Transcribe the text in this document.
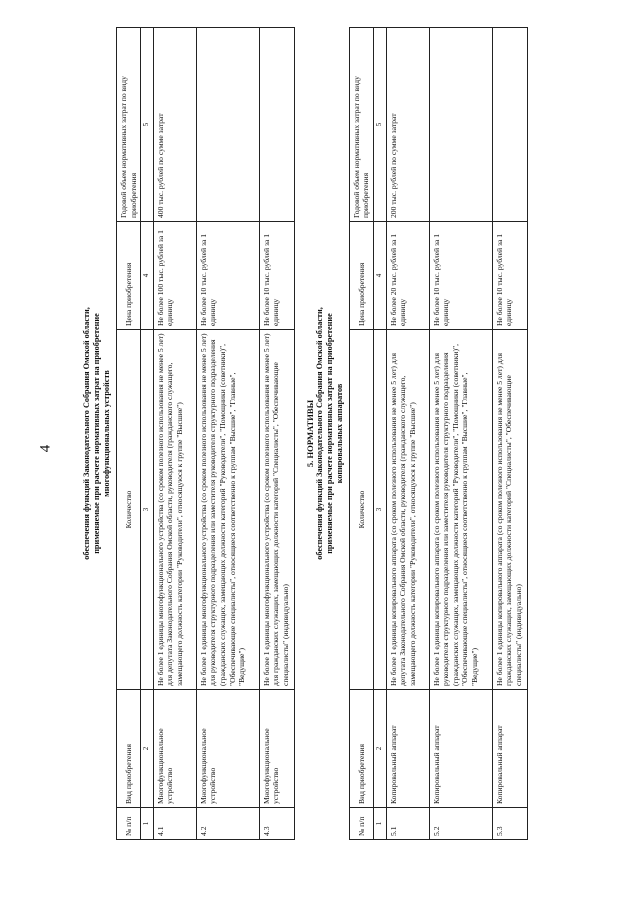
4	обеспечения функций Законодательного Собрания Омской области,
применяемые при расчете нормативных затрат на приобретение
многофункциональных устройств
№ п/п	Вид приобретения	Количество	Цена приобретения	Годовой объем нормативных затрат по виду приобретения
1	2	3	4	5
4.1	Многофункциональное устройство	Не более 1 единицы многофункционального устройства (со сроком полезного использования не менее 5 лет) для депутата Законодательного Собрания Омской области, руководителя (гражданского служащего, замещающего должность категории "Руководители", относящуюся к группе "Высшие")	Не более 100 тыс. рублей за 1 единицу	400 тыс. рублей по сумме затрат
4.2	Многофункциональное устройство	Не более 1 единицы многофункционального устройства (со сроком полезного использования не менее 5 лет) для руководителя структурного подразделения или заместителя руководителя структурного подразделения (гражданских служащих, замещающих должности категорий "Руководители", "Помощники (советники)", "Обеспечивающие специалисты", относящиеся соответственно к группам "Высшие", "Главные", "Ведущие")	Не более 10 тыс. рублей за 1 единицу	
4.3	Многофункциональное устройство	Не более 1 единицы многофункционального устройства (со сроком полезного использования не менее 5 лет) для гражданских служащих, замещающих должности категорий "Специалисты", "Обеспечивающие специалисты" (индивидуально)	Не более 10 тыс. рублей за 1 единицу	
5. НОРМАТИВЫ обеспечения функций Законодательного Собрания Омской области,
применяемые при расчете нормативных затрат на приобретение
копировальных аппаратов
№ п/п	Вид приобретения	Количество	Цена приобретения	Годовой объем нормативных затрат по виду приобретения
1	2	3	4	5
5.1	Копировальный аппарат	Не более 1 единицы копировального аппарата (со сроком полезного использования не менее 5 лет) для депутата Законодательного Собрания Омской области, руководителя (гражданского служащего, замещающего должность категории "Руководители", относящуюся к группе "Высшие")	Не более 20 тыс. рублей за 1 единицу	200 тыс. рублей по сумме затрат
5.2	Копировальный аппарат	Не более 1 единицы копировального аппарата (со сроком полезного использования не менее 5 лет) для руководителя структурного подразделения или заместителя руководителя структурного подразделения (гражданских служащих, замещающих должности категорий "Руководители", "Помощники (советники)", "Обеспечивающие специалисты", относящиеся соответственно к группам "Высшие", "Главные", "Ведущие")	Не более 10 тыс. рублей за 1 единицу	
5.3	Копировальный аппарат	Не более 1 единицы копировального аппарата (со сроком полезного использования не менее 5 лет) для гражданских служащих, замещающих должности категорий "Специалисты", "Обеспечивающие специалисты" (индивидуально)	Не более 10 тыс. рублей за 1 единицу	
